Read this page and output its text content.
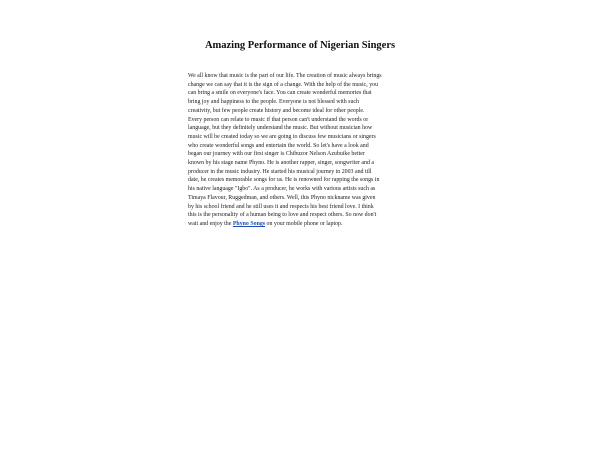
Amazing Performance of Nigerian Singers

We all know that music is the part of our life. The creation of music always brings
change we can say that it is the sign of a change. With the help of the music, you
can bring a smile on everyone's face. You can create wonderful memories that
bring joy and happiness to the people. Everyone is not blessed with such
creativity, but few people create history and become ideal for other people.
Every person can relate to music if that person can't understand the words or
language, but they definitely understand the music. But without musician how
music will be created today so we are going to discuss few musicians or singers
who create wonderful songs and entertain the world. So let's have a look and
began our journey with our first singer is Chibuzor Nelson Azubuike better
known by his stage name Phyno. He is another rapper, singer, songwriter and a
producer in the music industry. He started his musical journey in 2003 and till
date, he creates memorable songs for us. He is renowned for rapping the songs in
his native language "Igbo". As a producer, he works with various artists such as
Timaya Flavour, Ruggedman, and others. Well, this Phyno nickname was given
by his school friend and he still uses it and respects his best friend love. I think
this is the personality of a human being to love and respect others. So now don't
wait and enjoy the Phyno Songs on your mobile phone or laptop.
